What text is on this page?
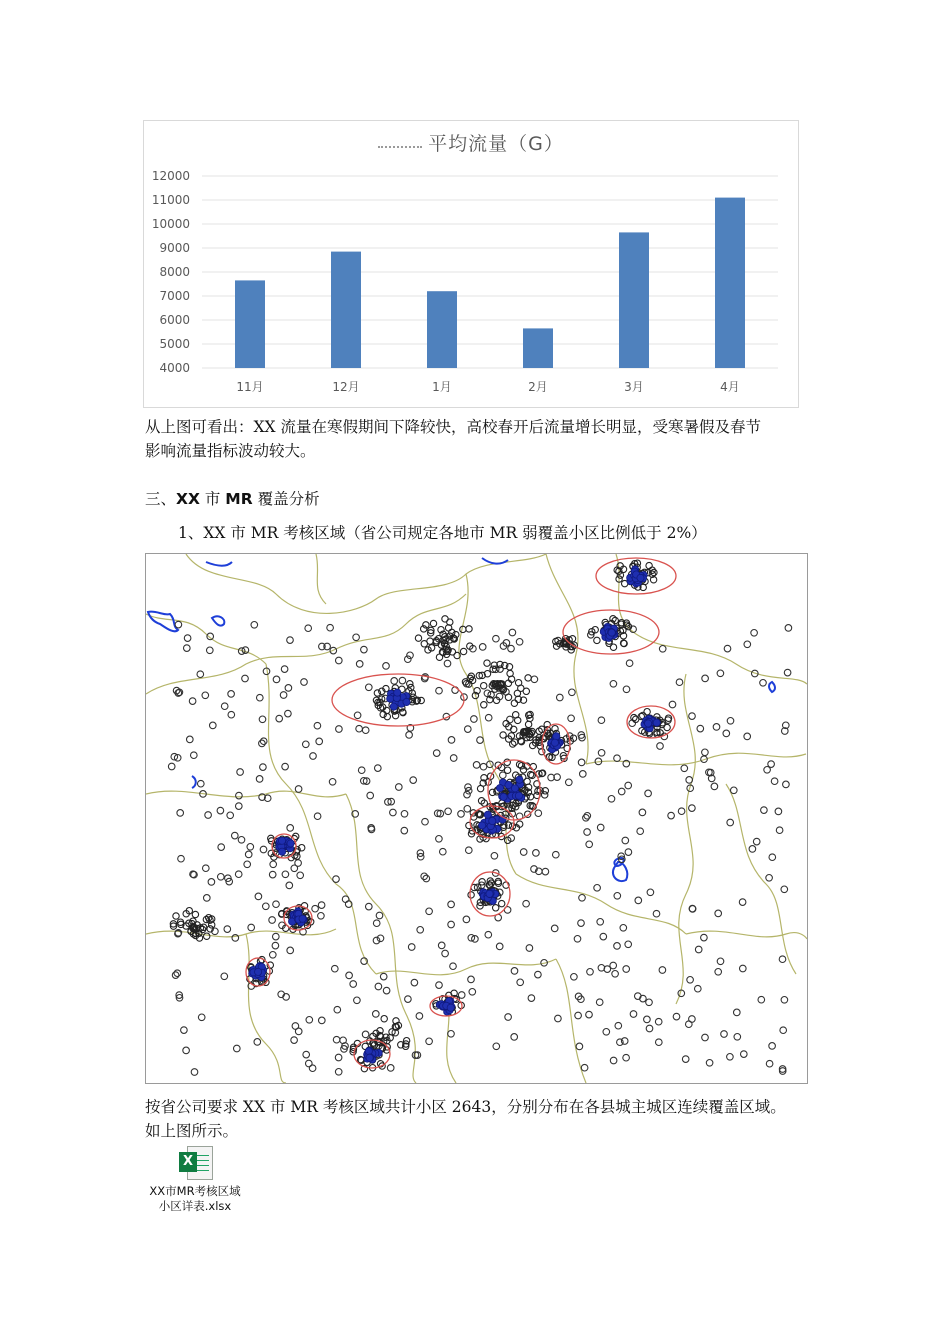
4000
5000
6000
7000
8000
9000
10000
11000
12000
11月	12月	1月	2月	3月	4月
平均流量（G）
从上图可看出：XX 流量在寒假期间下降较快，高校春开后流量增长明显，受寒暑假及春节
影响流量指标波动较大。
三、XX 市 MR 覆盖分析
1、XX 市 MR 考核区域（省公司规定各地市 MR 弱覆盖小区比例低于 2%）
按省公司要求 XX 市 MR 考核区域共计小区 2643，分别分布在各县城主城区连续覆盖区域。
如上图所示。
X
XX市MR考核区域
小区详表.xlsx
